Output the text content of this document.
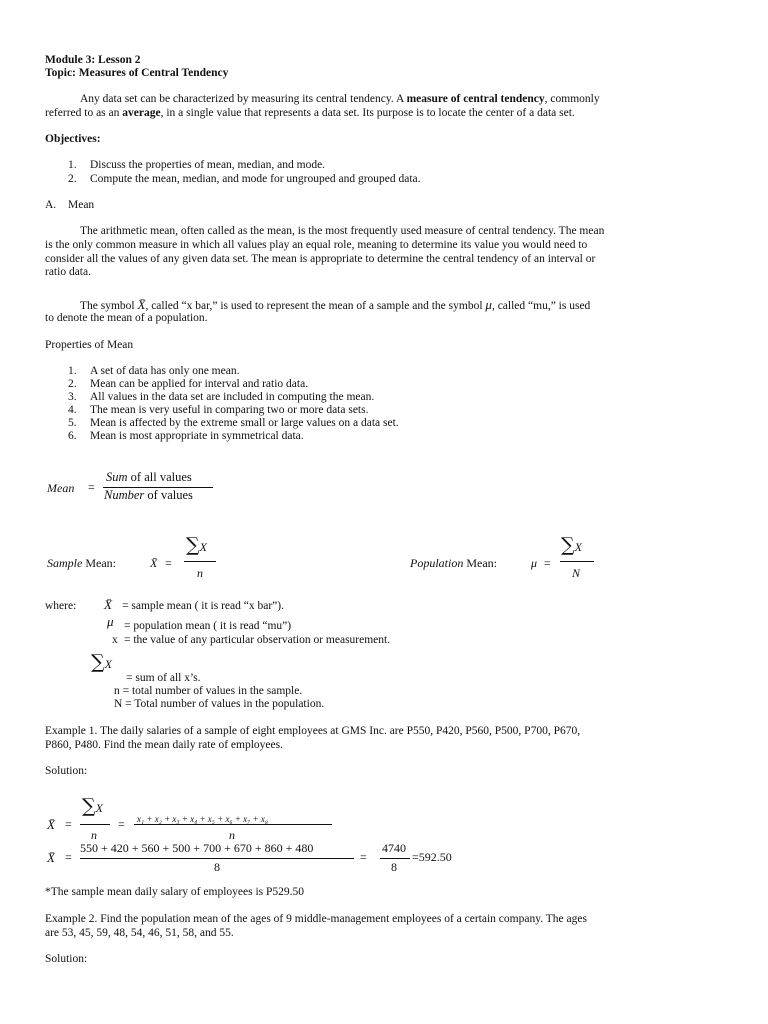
Module 3: Lesson 2
Topic: Measures of Central Tendency
Any data set can be characterized by measuring its central tendency. A measure of central tendency, commonly
referred to as an average, in a single value that represents a data set. Its purpose is to locate the center of a data set.
Objectives:
1. Discuss the properties of mean, median, and mode.
2. Compute the mean, median, and mode for ungrouped and grouped data.
A. Mean
The arithmetic mean, often called as the mean, is the most frequently used measure of central tendency. The mean
is the only common measure in which all values play an equal role, meaning to determine its value you would need to
consider all the values of any given data set. The mean is appropriate to determine the central tendency of an interval or
ratio data.
The symbol X̄, called “x bar,” is used to represent the mean of a sample and the symbol μ, called “mu,” is used
to denote the mean of a population.
Properties of Mean
1. A set of data has only one mean.
2. Mean can be applied for interval and ratio data.
3. All values in the data set are included in computing the mean.
4. The mean is very useful in comparing two or more data sets.
5. Mean is affected by the extreme small or large values on a data set.
6. Mean is most appropriate in symmetrical data.
Mean =
Sum of all values
Number of values
Sample Mean:	X̄ =
∑X
n
Population Mean:	μ =
∑X
N
where: X̄ = sample mean ( it is read “x bar”).
μ = population mean ( it is read “mu”)
x = the value of any particular observation or measurement.
∑X
= sum of all x’s.
n = total number of values in the sample.
N = Total number of values in the population.
Example 1. The daily salaries of a sample of eight employees at GMS Inc. are P550, P420, P560, P500, P700, P670,
P860, P480. Find the mean daily rate of employees.
Solution:
X̄ =
∑X
n
= x₁ + x₂ + x₃ + x₄ + x₅ + x₆ + x₇ + x₈
n
X̄ =
550 + 420 + 560 + 500 + 700 + 670 + 860 + 480
8
=
4740
8
=592.50
*The sample mean daily salary of employees is P529.50
Example 2. Find the population mean of the ages of 9 middle-management employees of a certain company. The ages
are 53, 45, 59, 48, 54, 46, 51, 58, and 55.
Solution:
